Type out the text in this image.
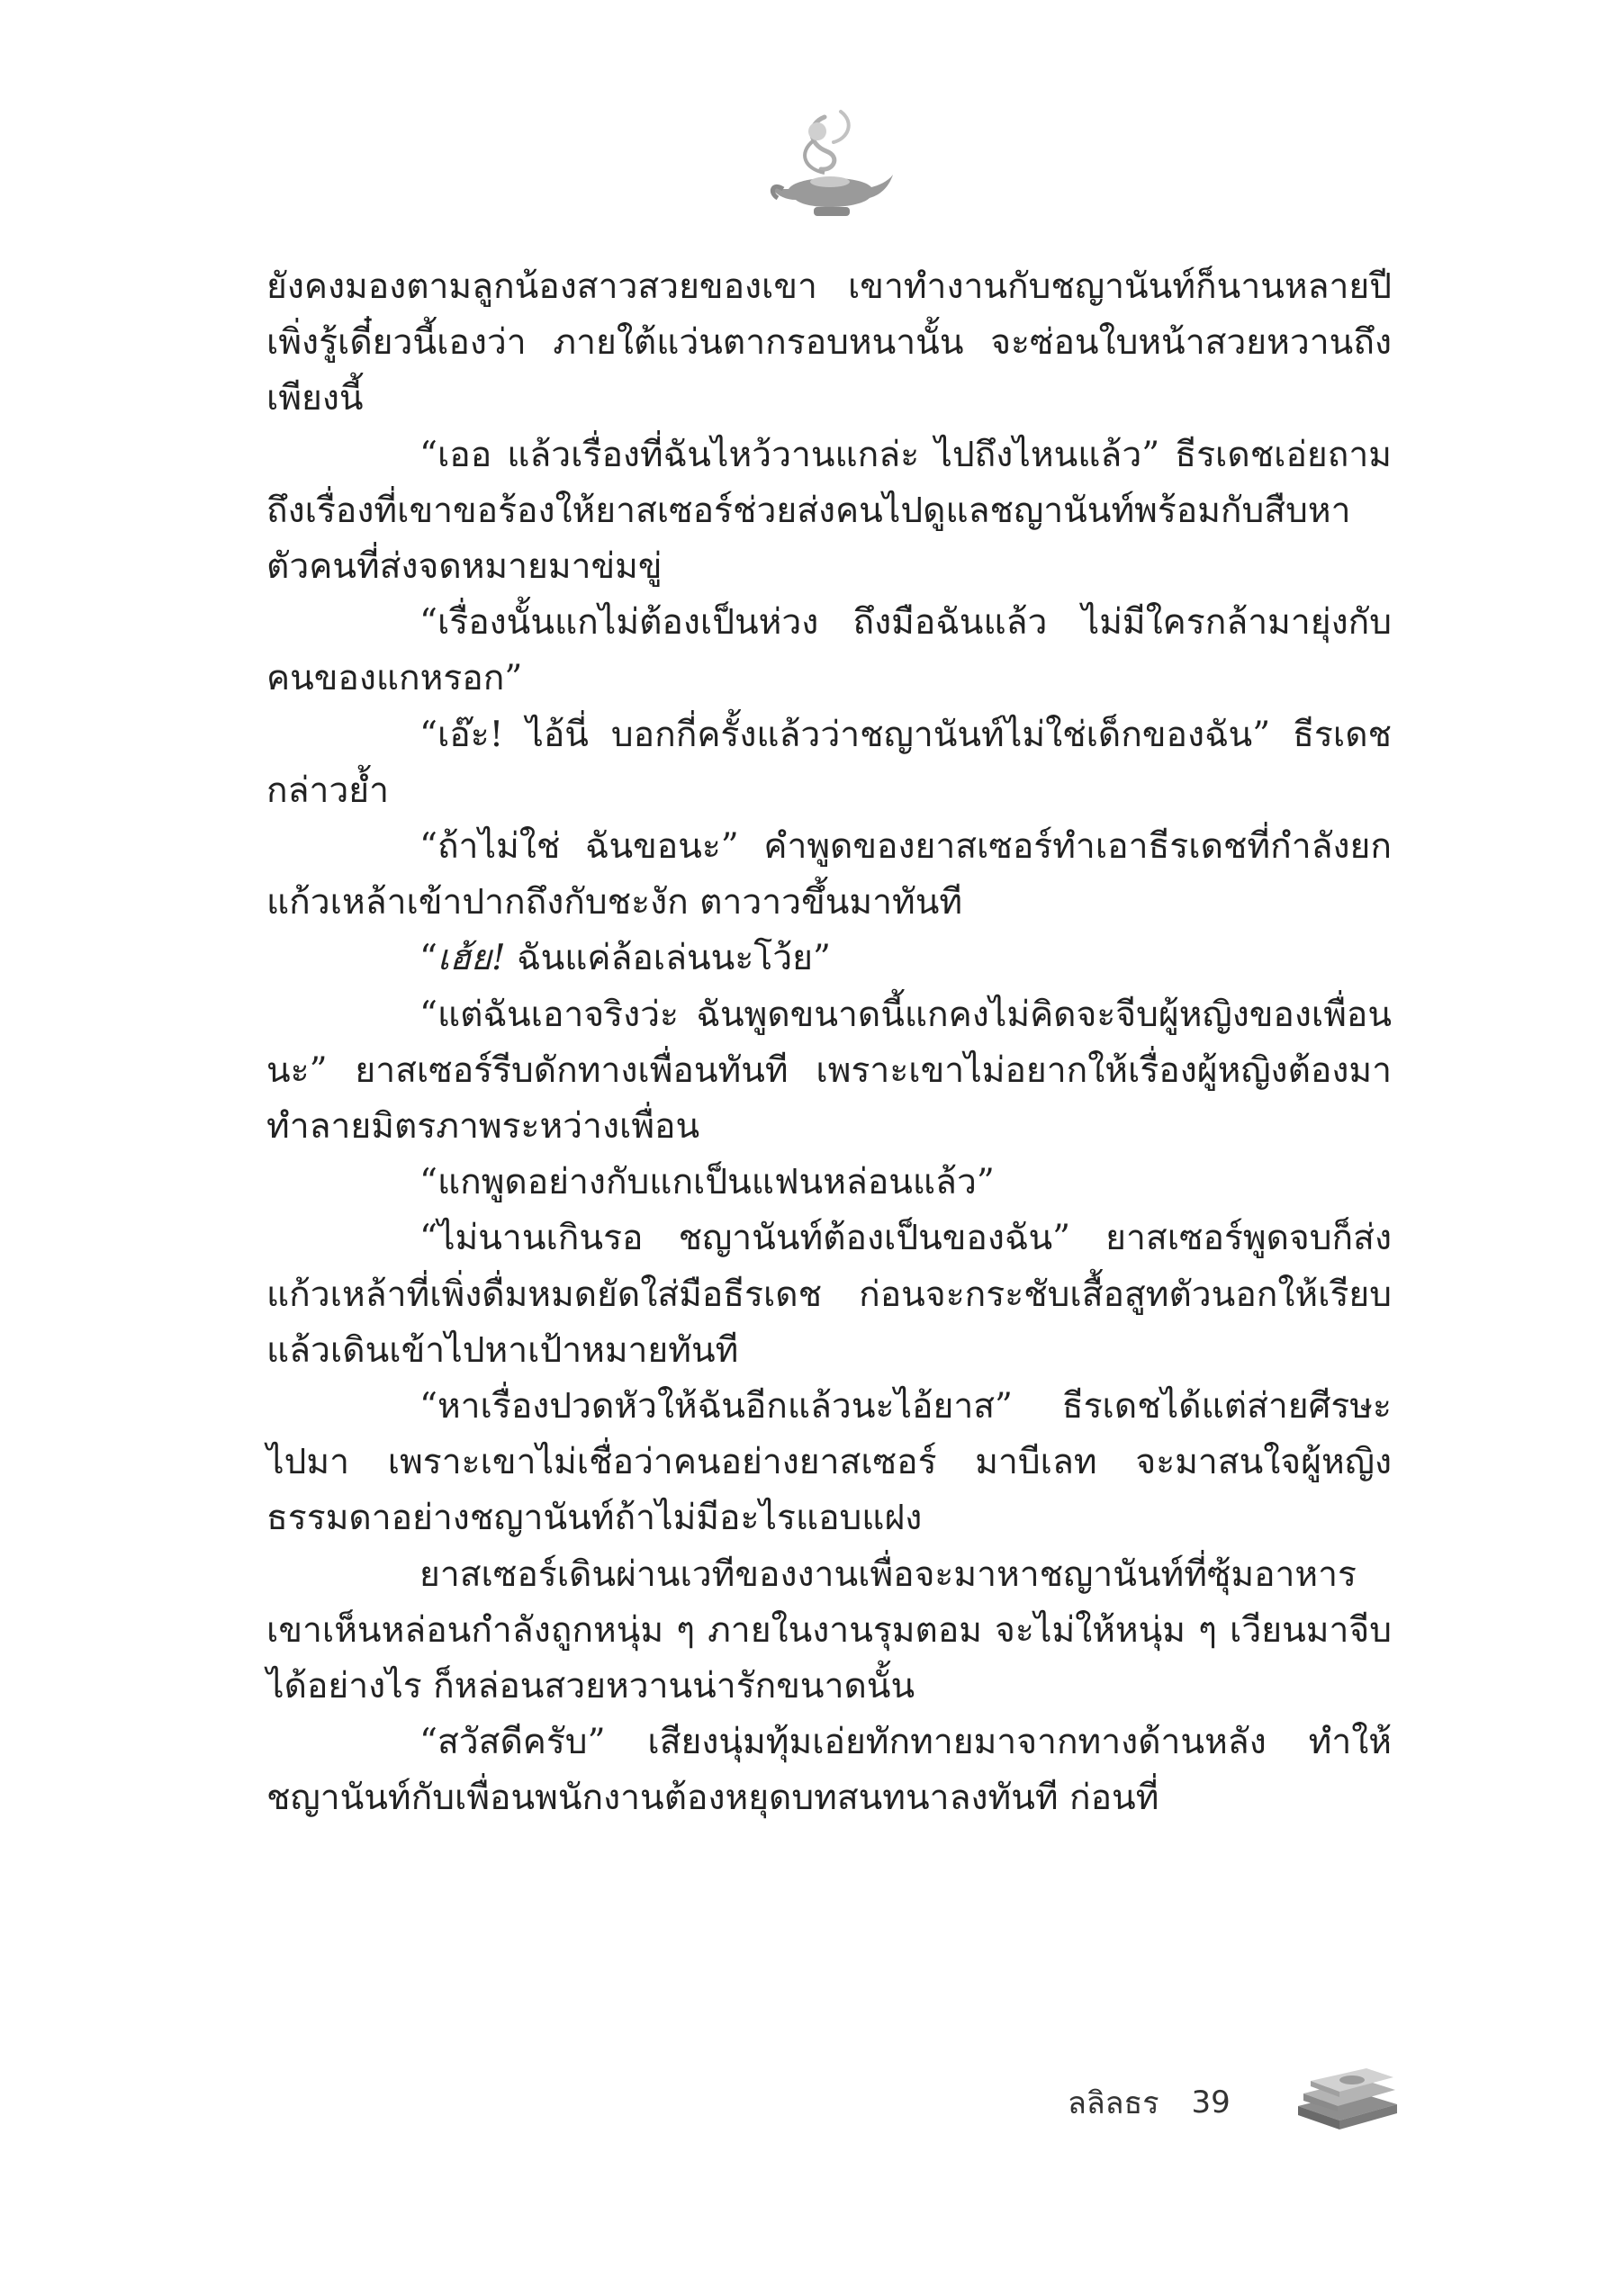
ยังคงมองตามลูกน้องสาวสวยของเขา เขาทำงานกับชญานันท์ก็นานหลายปี เพิ่งรู้เดี๋ยวนี้เองว่า ภายใต้แว่นตากรอบหนานั้น จะซ่อนใบหน้าสวยหวานถึงเพียงนี้

“เออ แล้วเรื่องที่ฉันไหว้วานแกล่ะ ไปถึงไหนแล้ว” ธีรเดชเอ่ยถามถึงเรื่องที่เขาขอร้องให้ยาสเซอร์ช่วยส่งคนไปดูแลชญานันท์พร้อมกับสืบหาตัวคนที่ส่งจดหมายมาข่มขู่

“เรื่องนั้นแกไม่ต้องเป็นห่วง ถึงมือฉันแล้ว ไม่มีใครกล้ามายุ่งกับคนของแกหรอก”

“เอ๊ะ! ไอ้นี่ บอกกี่ครั้งแล้วว่าชญานันท์ไม่ใช่เด็กของฉัน” ธีรเดชกล่าวย้ำ

“ถ้าไม่ใช่ ฉันขอนะ” คำพูดของยาสเซอร์ทำเอาธีรเดชที่กำลังยกแก้วเหล้าเข้าปากถึงกับชะงัก ตาวาวขึ้นมาทันที

“เฮ้ย! ฉันแค่ล้อเล่นนะโว้ย”

“แต่ฉันเอาจริงว่ะ ฉันพูดขนาดนี้แกคงไม่คิดจะจีบผู้หญิงของเพื่อนนะ” ยาสเซอร์รีบดักทางเพื่อนทันที เพราะเขาไม่อยากให้เรื่องผู้หญิงต้องมาทำลายมิตรภาพระหว่างเพื่อน

“แกพูดอย่างกับแกเป็นแฟนหล่อนแล้ว”

“ไม่นานเกินรอ ชญานันท์ต้องเป็นของฉัน” ยาสเซอร์พูดจบก็ส่งแก้วเหล้าที่เพิ่งดื่มหมดยัดใส่มือธีรเดช ก่อนจะกระชับเสื้อสูทตัวนอกให้เรียบแล้วเดินเข้าไปหาเป้าหมายทันที

“หาเรื่องปวดหัวให้ฉันอีกแล้วนะไอ้ยาส” ธีรเดชได้แต่ส่ายศีรษะไปมา เพราะเขาไม่เชื่อว่าคนอย่างยาสเซอร์ มาบีเลท จะมาสนใจผู้หญิงธรรมดาอย่างชญานันท์ถ้าไม่มีอะไรแอบแฝง

ยาสเซอร์เดินผ่านเวทีของงานเพื่อจะมาหาชญานันท์ที่ซุ้มอาหาร เขาเห็นหล่อนกำลังถูกหนุ่ม ๆ ภายในงานรุมตอม จะไม่ให้หนุ่ม ๆ เวียนมาจีบได้อย่างไร ก็หล่อนสวยหวานน่ารักขนาดนั้น

“สวัสดีครับ” เสียงนุ่มทุ้มเอ่ยทักทายมาจากทางด้านหลัง ทำให้ชญานันท์กับเพื่อนพนักงานต้องหยุดบทสนทนาลงทันที ก่อนที่

ลลิลธร 39
